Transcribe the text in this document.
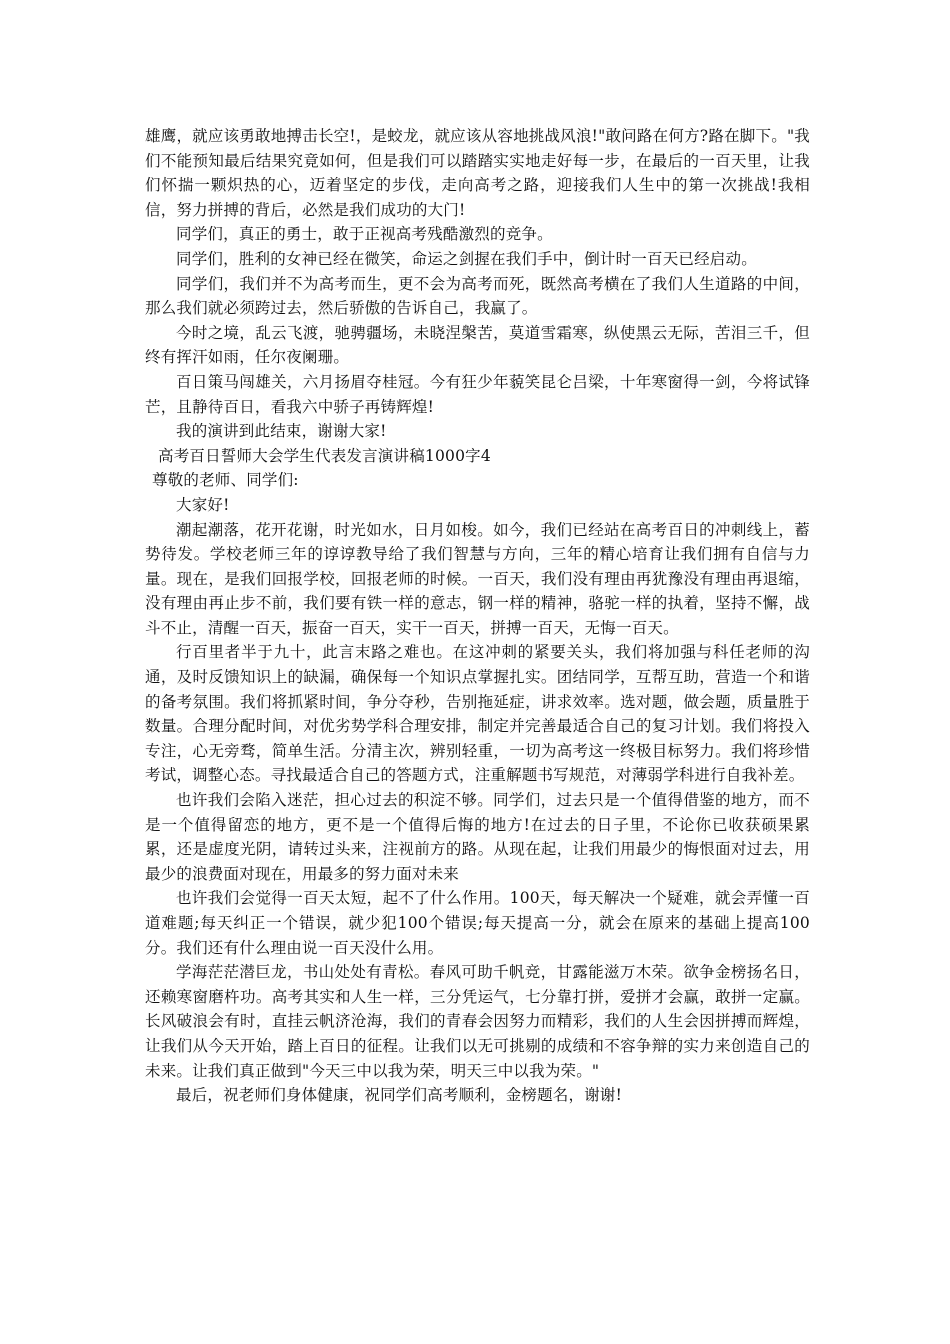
雄鹰，就应该勇敢地搏击长空!，是蛟龙，就应该从容地挑战风浪!"敢问路在何方?路在脚下。"我们不能预知最后结果究竟如何，但是我们可以踏踏实实地走好每一步，在最后的一百天里，让我们怀揣一颗炽热的心，迈着坚定的步伐，走向高考之路，迎接我们人生中的第一次挑战!我相信，努力拼搏的背后，必然是我们成功的大门!

同学们，真正的勇士，敢于正视高考残酷激烈的竞争。

同学们，胜利的女神已经在微笑，命运之剑握在我们手中，倒计时一百天已经启动。

同学们，我们并不为高考而生，更不会为高考而死，既然高考横在了我们人生道路的中间，那么我们就必须跨过去，然后骄傲的告诉自己，我赢了。

今时之境，乱云飞渡，驰骋疆场，未晓涅槃苦，莫道雪霜寒，纵使黑云无际，苦泪三千，但终有挥汗如雨，任尔夜阑珊。

百日策马闯雄关，六月扬眉夺桂冠。今有狂少年藐笑昆仑吕梁，十年寒窗得一剑，今将试锋芒，且静待百日，看我六中骄子再铸辉煌!

我的演讲到此结束，谢谢大家!

高考百日誓师大会学生代表发言演讲稿1000字4

尊敬的老师、同学们:

大家好!

潮起潮落，花开花谢，时光如水，日月如梭。如今，我们已经站在高考百日的冲刺线上，蓄势待发。学校老师三年的谆谆教导给了我们智慧与方向，三年的精心培育让我们拥有自信与力量。现在，是我们回报学校，回报老师的时候。一百天，我们没有理由再犹豫没有理由再退缩，没有理由再止步不前，我们要有铁一样的意志，钢一样的精神，骆驼一样的执着，坚持不懈，战斗不止，清醒一百天，振奋一百天，实干一百天，拼搏一百天，无悔一百天。

行百里者半于九十，此言末路之难也。在这冲刺的紧要关头，我们将加强与科任老师的沟通，及时反馈知识上的缺漏，确保每一个知识点掌握扎实。团结同学，互帮互助，营造一个和谐的备考氛围。我们将抓紧时间，争分夺秒，告别拖延症，讲求效率。选对题，做会题，质量胜于数量。合理分配时间，对优劣势学科合理安排，制定并完善最适合自己的复习计划。我们将投入专注，心无旁骛，简单生活。分清主次，辨别轻重，一切为高考这一终极目标努力。我们将珍惜考试，调整心态。寻找最适合自己的答题方式，注重解题书写规范，对薄弱学科进行自我补差。

也许我们会陷入迷茫，担心过去的积淀不够。同学们，过去只是一个值得借鉴的地方，而不是一个值得留恋的地方，更不是一个值得后悔的地方!在过去的日子里，不论你已收获硕果累累，还是虚度光阴，请转过头来，注视前方的路。从现在起，让我们用最少的悔恨面对过去，用最少的浪费面对现在，用最多的努力面对未来

也许我们会觉得一百天太短，起不了什么作用。100天，每天解决一个疑难，就会弄懂一百道难题;每天纠正一个错误，就少犯100个错误;每天提高一分，就会在原来的基础上提高100分。我们还有什么理由说一百天没什么用。

学海茫茫潜巨龙，书山处处有青松。春风可助千帆竞，甘露能滋万木荣。欲争金榜扬名日，还赖寒窗磨杵功。高考其实和人生一样，三分凭运气，七分靠打拼，爱拼才会赢，敢拼一定赢。长风破浪会有时，直挂云帆济沧海，我们的青春会因努力而精彩，我们的人生会因拼搏而辉煌，让我们从今天开始，踏上百日的征程。让我们以无可挑剔的成绩和不容争辩的实力来创造自己的未来。让我们真正做到"今天三中以我为荣，明天三中以我为荣。"

最后，祝老师们身体健康，祝同学们高考顺利，金榜题名，谢谢!
